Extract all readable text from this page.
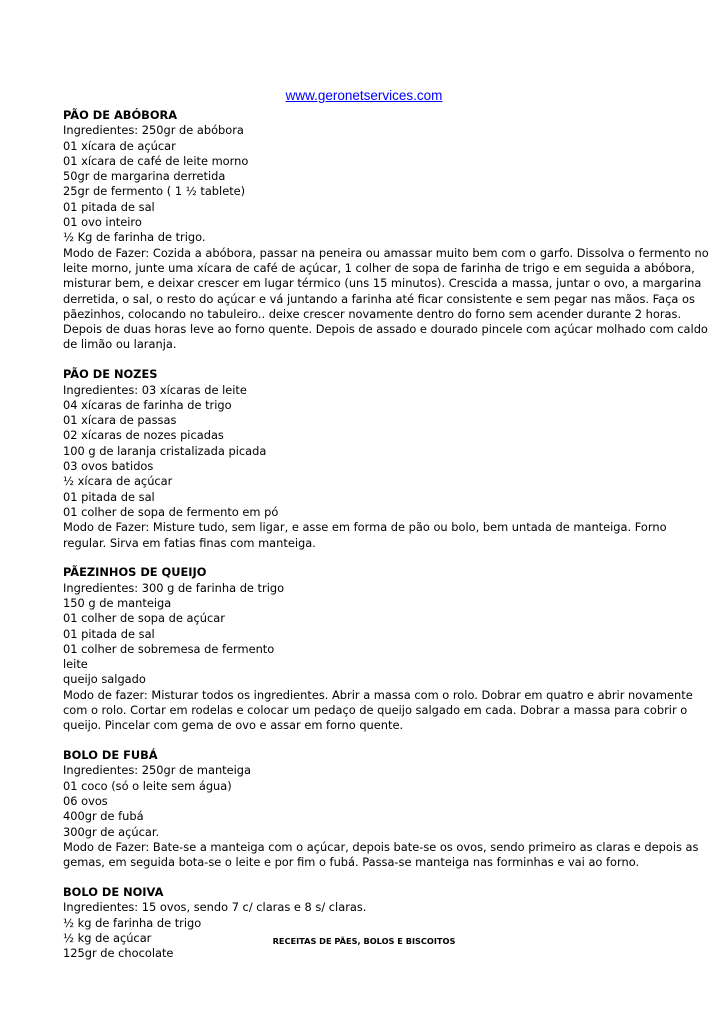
www.geronetservices.com
PÃO DE ABÓBORA
Ingredientes: 250gr de abóbora
01 xícara de açúcar
01 xícara de café de leite morno
50gr de margarina derretida
25gr de fermento ( 1 ½ tablete)
01 pitada de sal
01 ovo inteiro
½ Kg de farinha de trigo.
Modo de Fazer: Cozida a abóbora, passar na peneira ou amassar muito bem com o garfo. Dissolva o fermento no
leite morno, junte uma xícara de café de açúcar, 1 colher de sopa de farinha de trigo e em seguida a abóbora,
misturar bem, e deixar crescer em lugar térmico (uns 15 minutos). Crescida a massa, juntar o ovo, a margarina
derretida, o sal, o resto do açúcar e vá juntando a farinha até ficar consistente e sem pegar nas mãos. Faça os
pãezinhos, colocando no tabuleiro.. deixe crescer novamente dentro do forno sem acender durante 2 horas.
Depois de duas horas leve ao forno quente. Depois de assado e dourado pincele com açúcar molhado com caldo
de limão ou laranja.
PÃO DE NOZES
Ingredientes: 03 xícaras de leite
04 xícaras de farinha de trigo
01 xícara de passas
02 xícaras de nozes picadas
100 g de laranja cristalizada picada
03 ovos batidos
½ xícara de açúcar
01 pitada de sal
01 colher de sopa de fermento em pó
Modo de Fazer: Misture tudo, sem ligar, e asse em forma de pão ou bolo, bem untada de manteiga. Forno
regular. Sirva em fatias finas com manteiga.
PÃEZINHOS DE QUEIJO
Ingredientes: 300 g de farinha de trigo
150 g de manteiga
01 colher de sopa de açúcar
01 pitada de sal
01 colher de sobremesa de fermento
leite
queijo salgado
Modo de fazer: Misturar todos os ingredientes. Abrir a massa com o rolo. Dobrar em quatro e abrir novamente
com o rolo. Cortar em rodelas e colocar um pedaço de queijo salgado em cada. Dobrar a massa para cobrir o
queijo. Pincelar com gema de ovo e assar em forno quente.
BOLO DE FUBÁ
Ingredientes: 250gr de manteiga
01 coco (só o leite sem água)
06 ovos
400gr de fubá
300gr de açúcar.
Modo de Fazer: Bate-se a manteiga com o açúcar, depois bate-se os ovos, sendo primeiro as claras e depois as
gemas, em seguida bota-se o leite e por fim o fubá. Passa-se manteiga nas forminhas e vai ao forno.
BOLO DE NOIVA
Ingredientes: 15 ovos, sendo 7 c/ claras e 8 s/ claras.
½ kg de farinha de trigo
½ kg de açúcar
125gr de chocolate
RECEITAS DE PÃES, BOLOS E BISCOITOS
